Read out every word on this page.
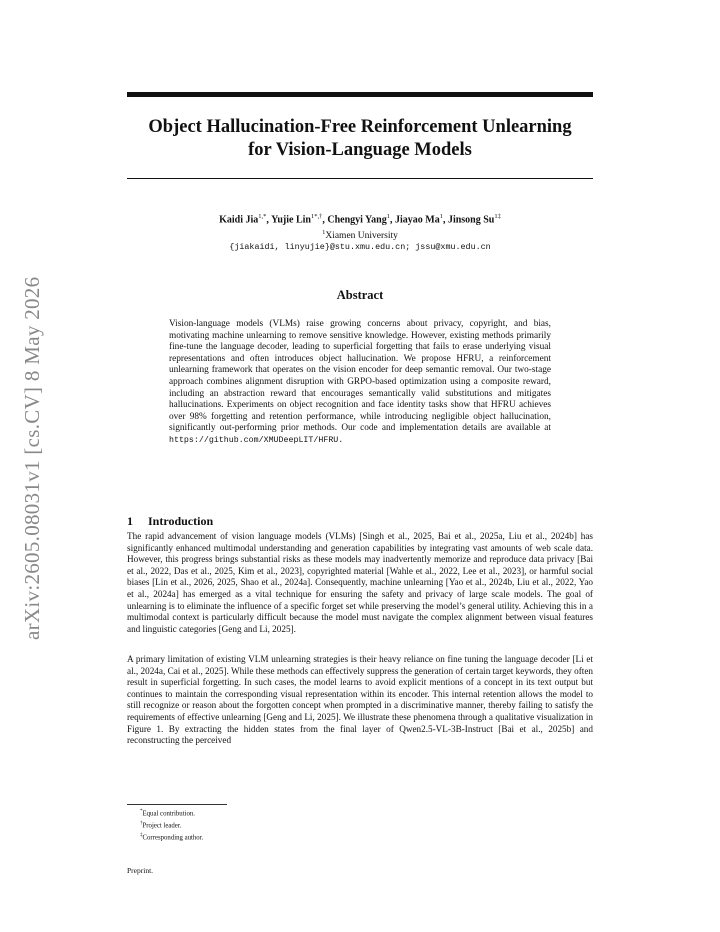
arXiv:2605.08031v1 [cs.CV] 8 May 2026
Object Hallucination-Free Reinforcement Unlearning
for Vision-Language Models
Kaidi Jia$^{1,*}$, Yujie Lin$^{1*,\dagger}$, Chengyi Yang$^1$, Jiayao Ma$^1$, Jinsong $Su^{1\ddagger}$
$^1$Xiamen University
{jiakaidi, linyujie}@stu.xmu.edu.cn; jssu@xmu.edu.cn
Abstract
Vision-language models (VLMs) raise growing concerns about privacy, copyright, and bias, motivating machine unlearning to remove sensitive knowledge. However, existing methods primarily fine-tune the language decoder, leading to superficial forgetting that fails to erase underlying visual representations and often introduces object hallucination. We propose HFRU, a reinforcement unlearning framework that operates on the vision encoder for deep semantic removal. Our two-stage approach combines alignment disruption with GRPO-based optimization using a composite reward, including an abstraction reward that encourages semantically valid substitutions and mitigates hallucinations. Experiments on object recognition and face identity tasks show that HFRU achieves over 98% forgetting and retention performance, while introducing negligible object hallucination, significantly out-performing prior methods. Our code and implementation details are available at https://github.com/XMUDeepLIT/HFRU.
1 Introduction
The rapid advancement of vision language models (VLMs) [Singh et al., 2025, Bai et al., 2025a, Liu et al., 2024b] has significantly enhanced multimodal understanding and generation capabilities by integrating vast amounts of web scale data. However, this progress brings substantial risks as these models may inadvertently memorize and reproduce data privacy [Bai et al., 2022, Das et al., 2025, Kim et al., 2023], copyrighted material [Wahle et al., 2022, Lee et al., 2023], or harmful social biases [Lin et al., 2026, 2025, Shao et al., 2024a]. Consequently, machine unlearning [Yao et al., 2024b, Liu et al., 2022, Yao et al., 2024a] has emerged as a vital technique for ensuring the safety and privacy of large scale models. The goal of unlearning is to eliminate the influence of a specific forget set while preserving the model’s general utility. Achieving this in a multimodal context is particularly difficult because the model must navigate the complex alignment between visual features and linguistic categories [Geng and Li, 2025].
A primary limitation of existing VLM unlearning strategies is their heavy reliance on fine tuning the language decoder [Li et al., 2024a, Cai et al., 2025]. While these methods can effectively suppress the generation of certain target keywords, they often result in superficial forgetting. In such cases, the model learns to avoid explicit mentions of a concept in its text output but continues to maintain the corresponding visual representation within its encoder. This internal retention allows the model to still recognize or reason about the forgotten concept when prompted in a discriminative manner, thereby failing to satisfy the requirements of effective unlearning [Geng and Li, 2025]. We illustrate these phenomena through a qualitative visualization in Figure 1. By extracting the hidden states from the final layer of Qwen2.5-VL-3B-Instruct [Bai et al., 2025b] and reconstructing the perceived
*Equal contribution.
†Project leader.
‡Corresponding author.
Preprint.
